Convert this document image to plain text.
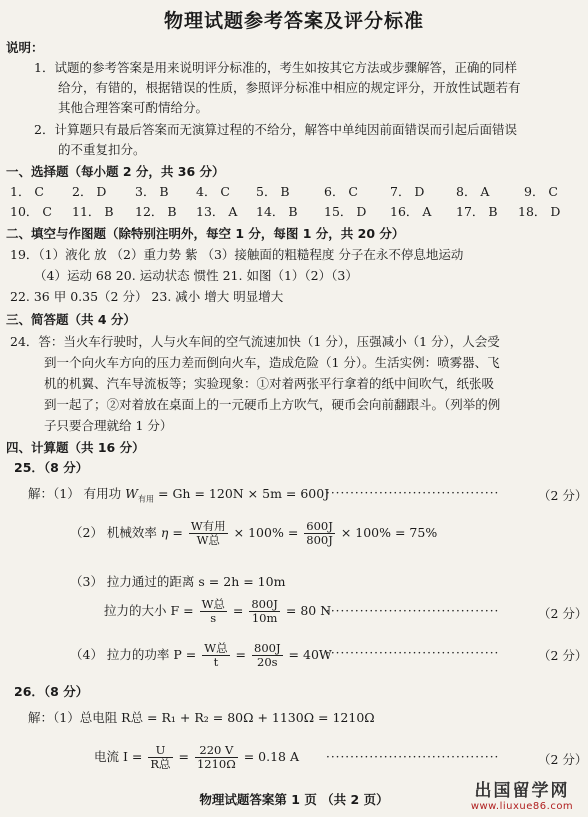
物理试题参考答案及评分标准
说明：
1．试题的参考答案是用来说明评分标准的，考生如按其它方法或步骤解答，正确的同样
给分，有错的，根据错误的性质，参照评分标准中相应的规定评分，开放性试题若有
其他合理答案可酌情给分。
2．计算题只有最后答案而无演算过程的不给分，解答中单纯因前面错误而引起后面错误
的不重复扣分。
一、选择题（每小题 2 分，共 36 分）
1． C 2． D 3． B 4． C 5． B	6． C	7． D	8． A	9． C
10． C 11． B 12． B 13． A 14． B 15． D 16． A 17． B 18． D
二、填空与作图题（除特别注明外，每空 1 分，每图 1 分，共 20 分）
19．（1）液化 放 （2）重力势 紫 （3）接触面的粗糙程度 分子在永不停息地运动
（4）运动 68 20. 运动状态 惯性 21. 如图（1）（2）（3）
22. 36 甲 0.35（2 分） 23. 减小 增大 明显增大
三、简答题（共 4 分）
24．答：当火车行驶时，人与火车间的空气流速加快（1 分），压强减小（1 分），人会受
到一个向火车方向的压力差而倒向火车，造成危险（1 分）。生活实例：喷雾器、飞
机的机翼、汽车导流板等；实验现象：①对着两张平行拿着的纸中间吹气，纸张吸
到一起了；②对着放在桌面上的一元硬币上方吹气，硬币会向前翻跟斗。（列举的例
子只要合理就给 1 分）
四、计算题（共 16 分）
25．（8 分）
解：（1） 有用功 $W_{有用} = Gh = 120N \times 5m = 600J$
····································	（2 分）
（2） 机械效率 $\eta = \frac{\text{W有用}}{\text{W总}} \times 100\% = \frac{600J}{800J} \times 100\% = 75\%$
（3） 拉力通过的距离 s = 2h = 10m
拉力的大小 $F = \frac{\text{W总}}{s} = \frac{800J}{10m} = 80$ N
····································	（2 分）
（4） 拉力的功率 $P = \frac{\text{W总}}{t} = \frac{800J}{20s} = 40W$
····································	（2 分）
26．（8 分）
解：（1）总电阻 R总 = R₁ + R₂ = 80Ω + 1130Ω = 1210Ω
电流 $I = \frac{U}{\text{R总}} = \frac{220 V}{1210\Omega} = 0.18$ A ····································	（2 分）
物理试题答案第 1 页 （共 2 页）	出国留学网
www.liuxue86.com
